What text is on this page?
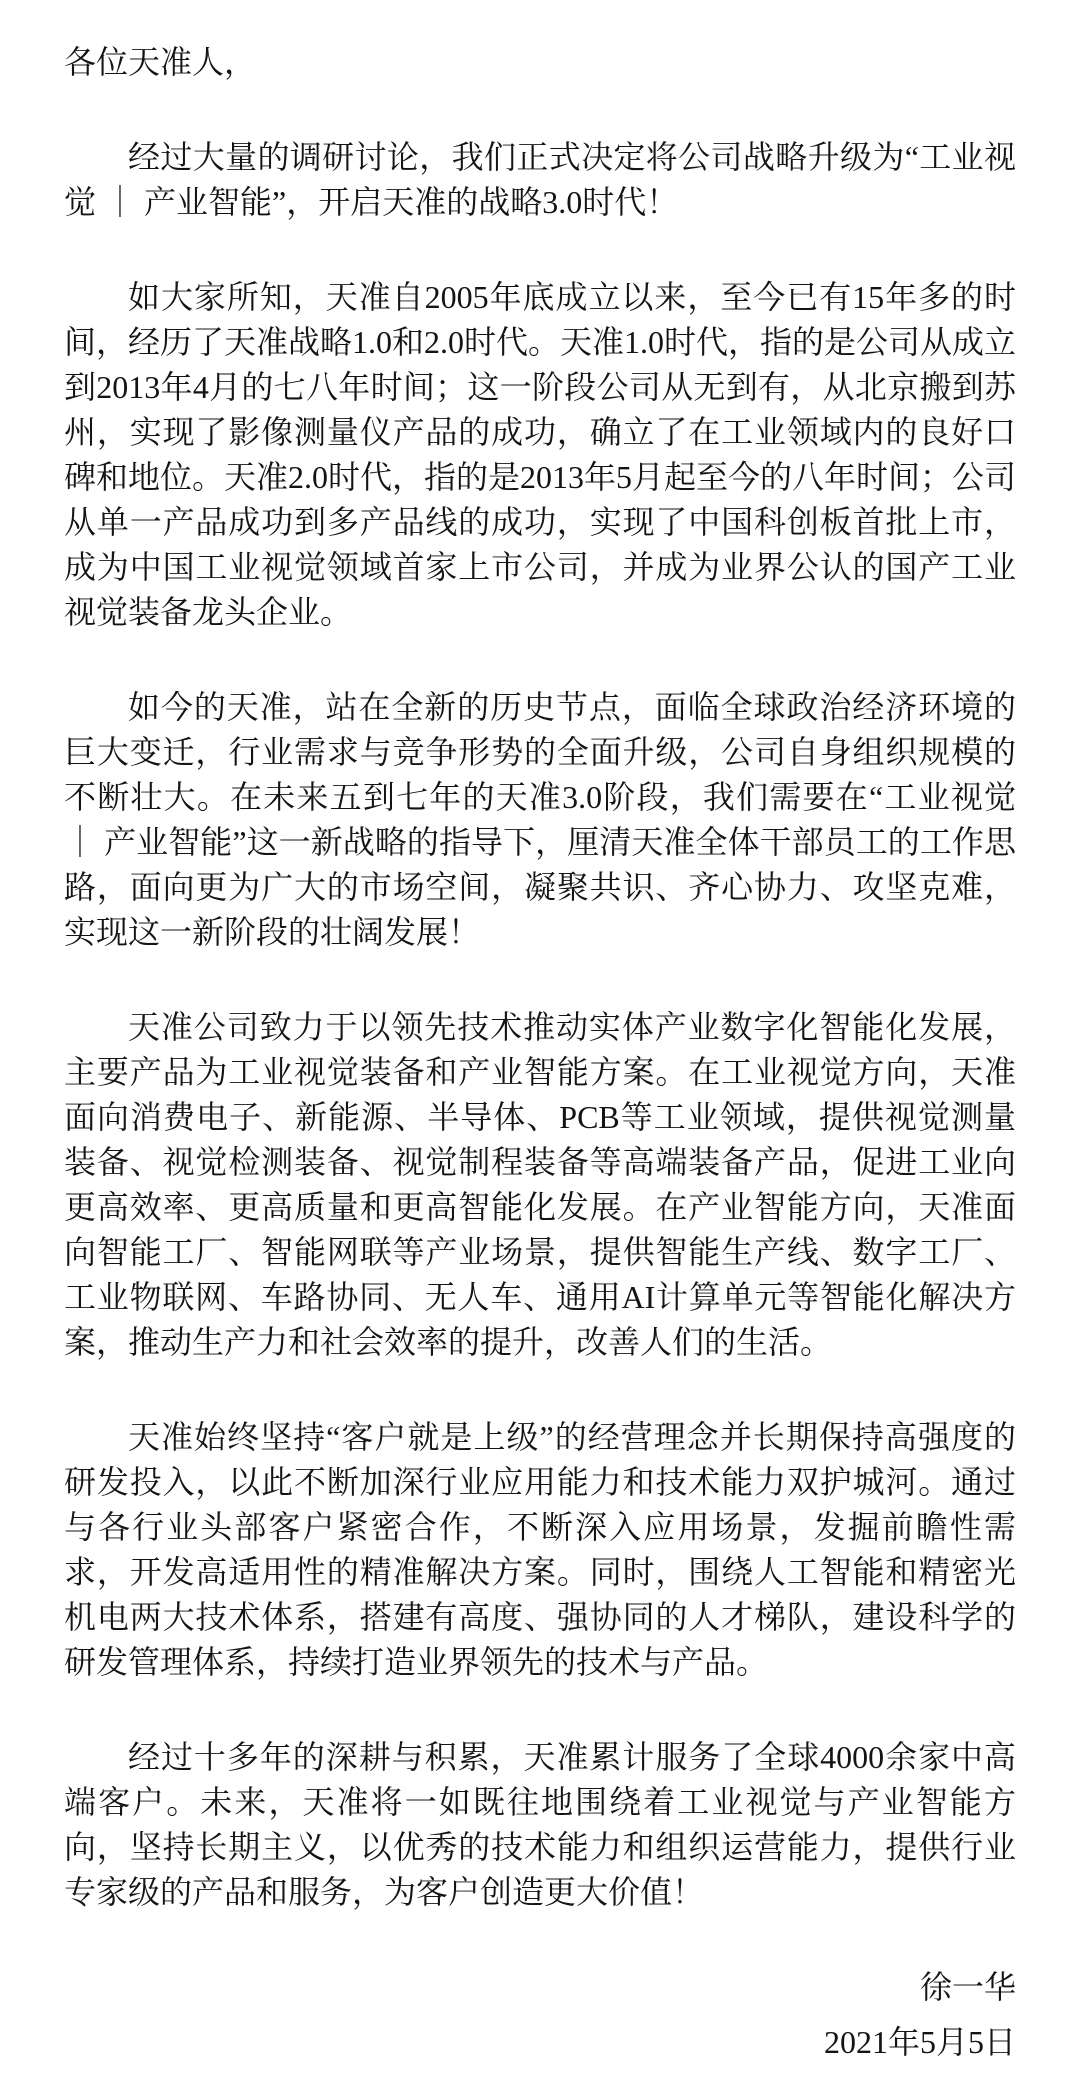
各位天准人，

经过大量的调研讨论，我们正式决定将公司战略升级为“工业视觉 ｜ 产业智能”，开启天准的战略3.0时代！

如大家所知，天准自2005年底成立以来，至今已有15年多的时间，经历了天准战略1.0和2.0时代。天准1.0时代，指的是公司从成立到2013年4月的七八年时间；这一阶段公司从无到有，从北京搬到苏州，实现了影像测量仪产品的成功，确立了在工业领域内的良好口碑和地位。天准2.0时代，指的是2013年5月起至今的八年时间；公司从单一产品成功到多产品线的成功，实现了中国科创板首批上市，成为中国工业视觉领域首家上市公司，并成为业界公认的国产工业视觉装备龙头企业。

如今的天准，站在全新的历史节点，面临全球政治经济环境的巨大变迁，行业需求与竞争形势的全面升级，公司自身组织规模的不断壮大。在未来五到七年的天准3.0阶段，我们需要在“工业视觉 ｜ 产业智能”这一新战略的指导下，厘清天准全体干部员工的工作思路，面向更为广大的市场空间，凝聚共识、齐心协力、攻坚克难，实现这一新阶段的壮阔发展！

天准公司致力于以领先技术推动实体产业数字化智能化发展，主要产品为工业视觉装备和产业智能方案。在工业视觉方向，天准面向消费电子、新能源、半导体、PCB等工业领域，提供视觉测量装备、视觉检测装备、视觉制程装备等高端装备产品，促进工业向更高效率、更高质量和更高智能化发展。在产业智能方向，天准面向智能工厂、智能网联等产业场景，提供智能生产线、数字工厂、工业物联网、车路协同、无人车、通用AI计算单元等智能化解决方案，推动生产力和社会效率的提升，改善人们的生活。

天准始终坚持“客户就是上级”的经营理念并长期保持高强度的研发投入，以此不断加深行业应用能力和技术能力双护城河。通过与各行业头部客户紧密合作，不断深入应用场景，发掘前瞻性需求，开发高适用性的精准解决方案。同时，围绕人工智能和精密光机电两大技术体系，搭建有高度、强协同的人才梯队，建设科学的研发管理体系，持续打造业界领先的技术与产品。

经过十多年的深耕与积累，天准累计服务了全球4000余家中高端客户。未来，天准将一如既往地围绕着工业视觉与产业智能方向，坚持长期主义，以优秀的技术能力和组织运营能力，提供行业专家级的产品和服务，为客户创造更大价值！

徐一华

2021年5月5日
